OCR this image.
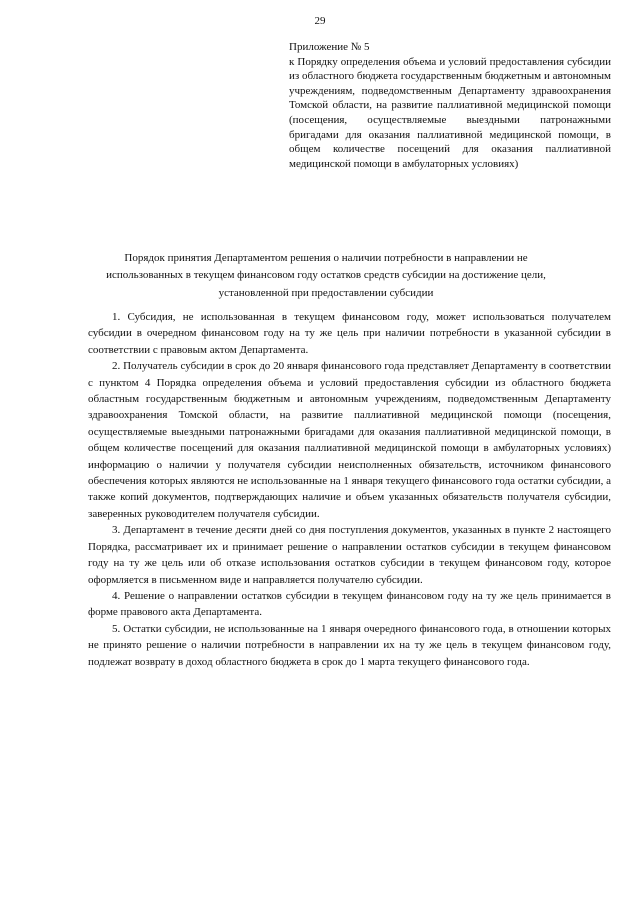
29
Приложение № 5
к Порядку определения объема и условий предоставления субсидии из областного бюджета государственным бюджетным и автономным учреждениям, подведомственным Департаменту здравоохранения Томской области, на развитие паллиативной медицинской помощи (посещения, осуществляемые выездными патронажными бригадами для оказания паллиативной медицинской помощи, в общем количестве посещений для оказания паллиативной медицинской помощи в амбулаторных условиях)
Порядок принятия Департаментом решения о наличии потребности в направлении не использованных в текущем финансовом году остатков средств субсидии на достижение цели, установленной при предоставлении субсидии

1. Субсидия, не использованная в текущем финансовом году, может использоваться получателем субсидии в очередном финансовом году на ту же цель при наличии потребности в указанной субсидии в соответствии с правовым актом Департамента.

2. Получатель субсидии в срок до 20 января финансового года представляет Департаменту в соответствии с пунктом 4 Порядка определения объема и условий предоставления субсидии из областного бюджета областным государственным бюджетным и автономным учреждениям, подведомственным Департаменту здравоохранения Томской области, на развитие паллиативной медицинской помощи (посещения, осуществляемые выездными патронажными бригадами для оказания паллиативной медицинской помощи, в общем количестве посещений для оказания паллиативной медицинской помощи в амбулаторных условиях) информацию о наличии у получателя субсидии неисполненных обязательств, источником финансового обеспечения которых являются не использованные на 1 января текущего финансового года остатки субсидии, а также копий документов, подтверждающих наличие и объем указанных обязательств получателя субсидии, заверенных руководителем получателя субсидии.

3. Департамент в течение десяти дней со дня поступления документов, указанных в пункте 2 настоящего Порядка, рассматривает их и принимает решение о направлении остатков субсидии в текущем финансовом году на ту же цель или об отказе использования остатков субсидии в текущем финансовом году, которое оформляется в письменном виде и направляется получателю субсидии.

4. Решение о направлении остатков субсидии в текущем финансовом году на ту же цель принимается в форме правового акта Департамента.

5. Остатки субсидии, не использованные на 1 января очередного финансового года, в отношении которых не принято решение о наличии потребности в направлении их на ту же цель в текущем финансовом году, подлежат возврату в доход областного бюджета в срок до 1 марта текущего финансового года.
